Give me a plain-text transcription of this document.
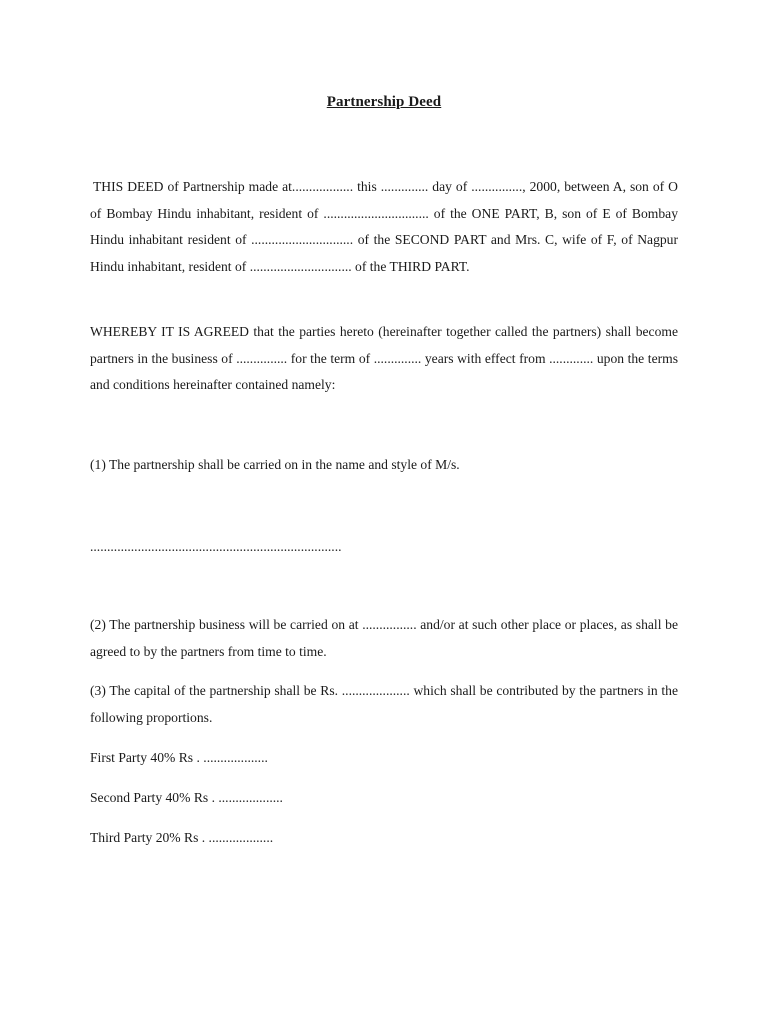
Partnership Deed

THIS DEED of Partnership made at.................. this .............. day of ..............., 2000, between A, son of O of Bombay Hindu inhabitant, resident of ............................... of the ONE PART, B, son of E of Bombay Hindu inhabitant resident of .............................. of the SECOND PART and Mrs. C, wife of F, of Nagpur Hindu inhabitant, resident of .............................. of the THIRD PART.

WHEREBY IT IS AGREED that the parties hereto (hereinafter together called the partners) shall become partners in the business of ............... for the term of .............. years with effect from ............. upon the terms and conditions hereinafter contained namely:

(1) The partnership shall be carried on in the name and style of M/s.

..........................................................................

(2) The partnership business will be carried on at ................ and/or at such other place or places, as shall be agreed to by the partners from time to time.

(3) The capital of the partnership shall be Rs. .................... which shall be contributed by the partners in the following proportions.

First Party 40% Rs . ...................

Second Party 40% Rs . ...................

Third Party 20% Rs . ...................
